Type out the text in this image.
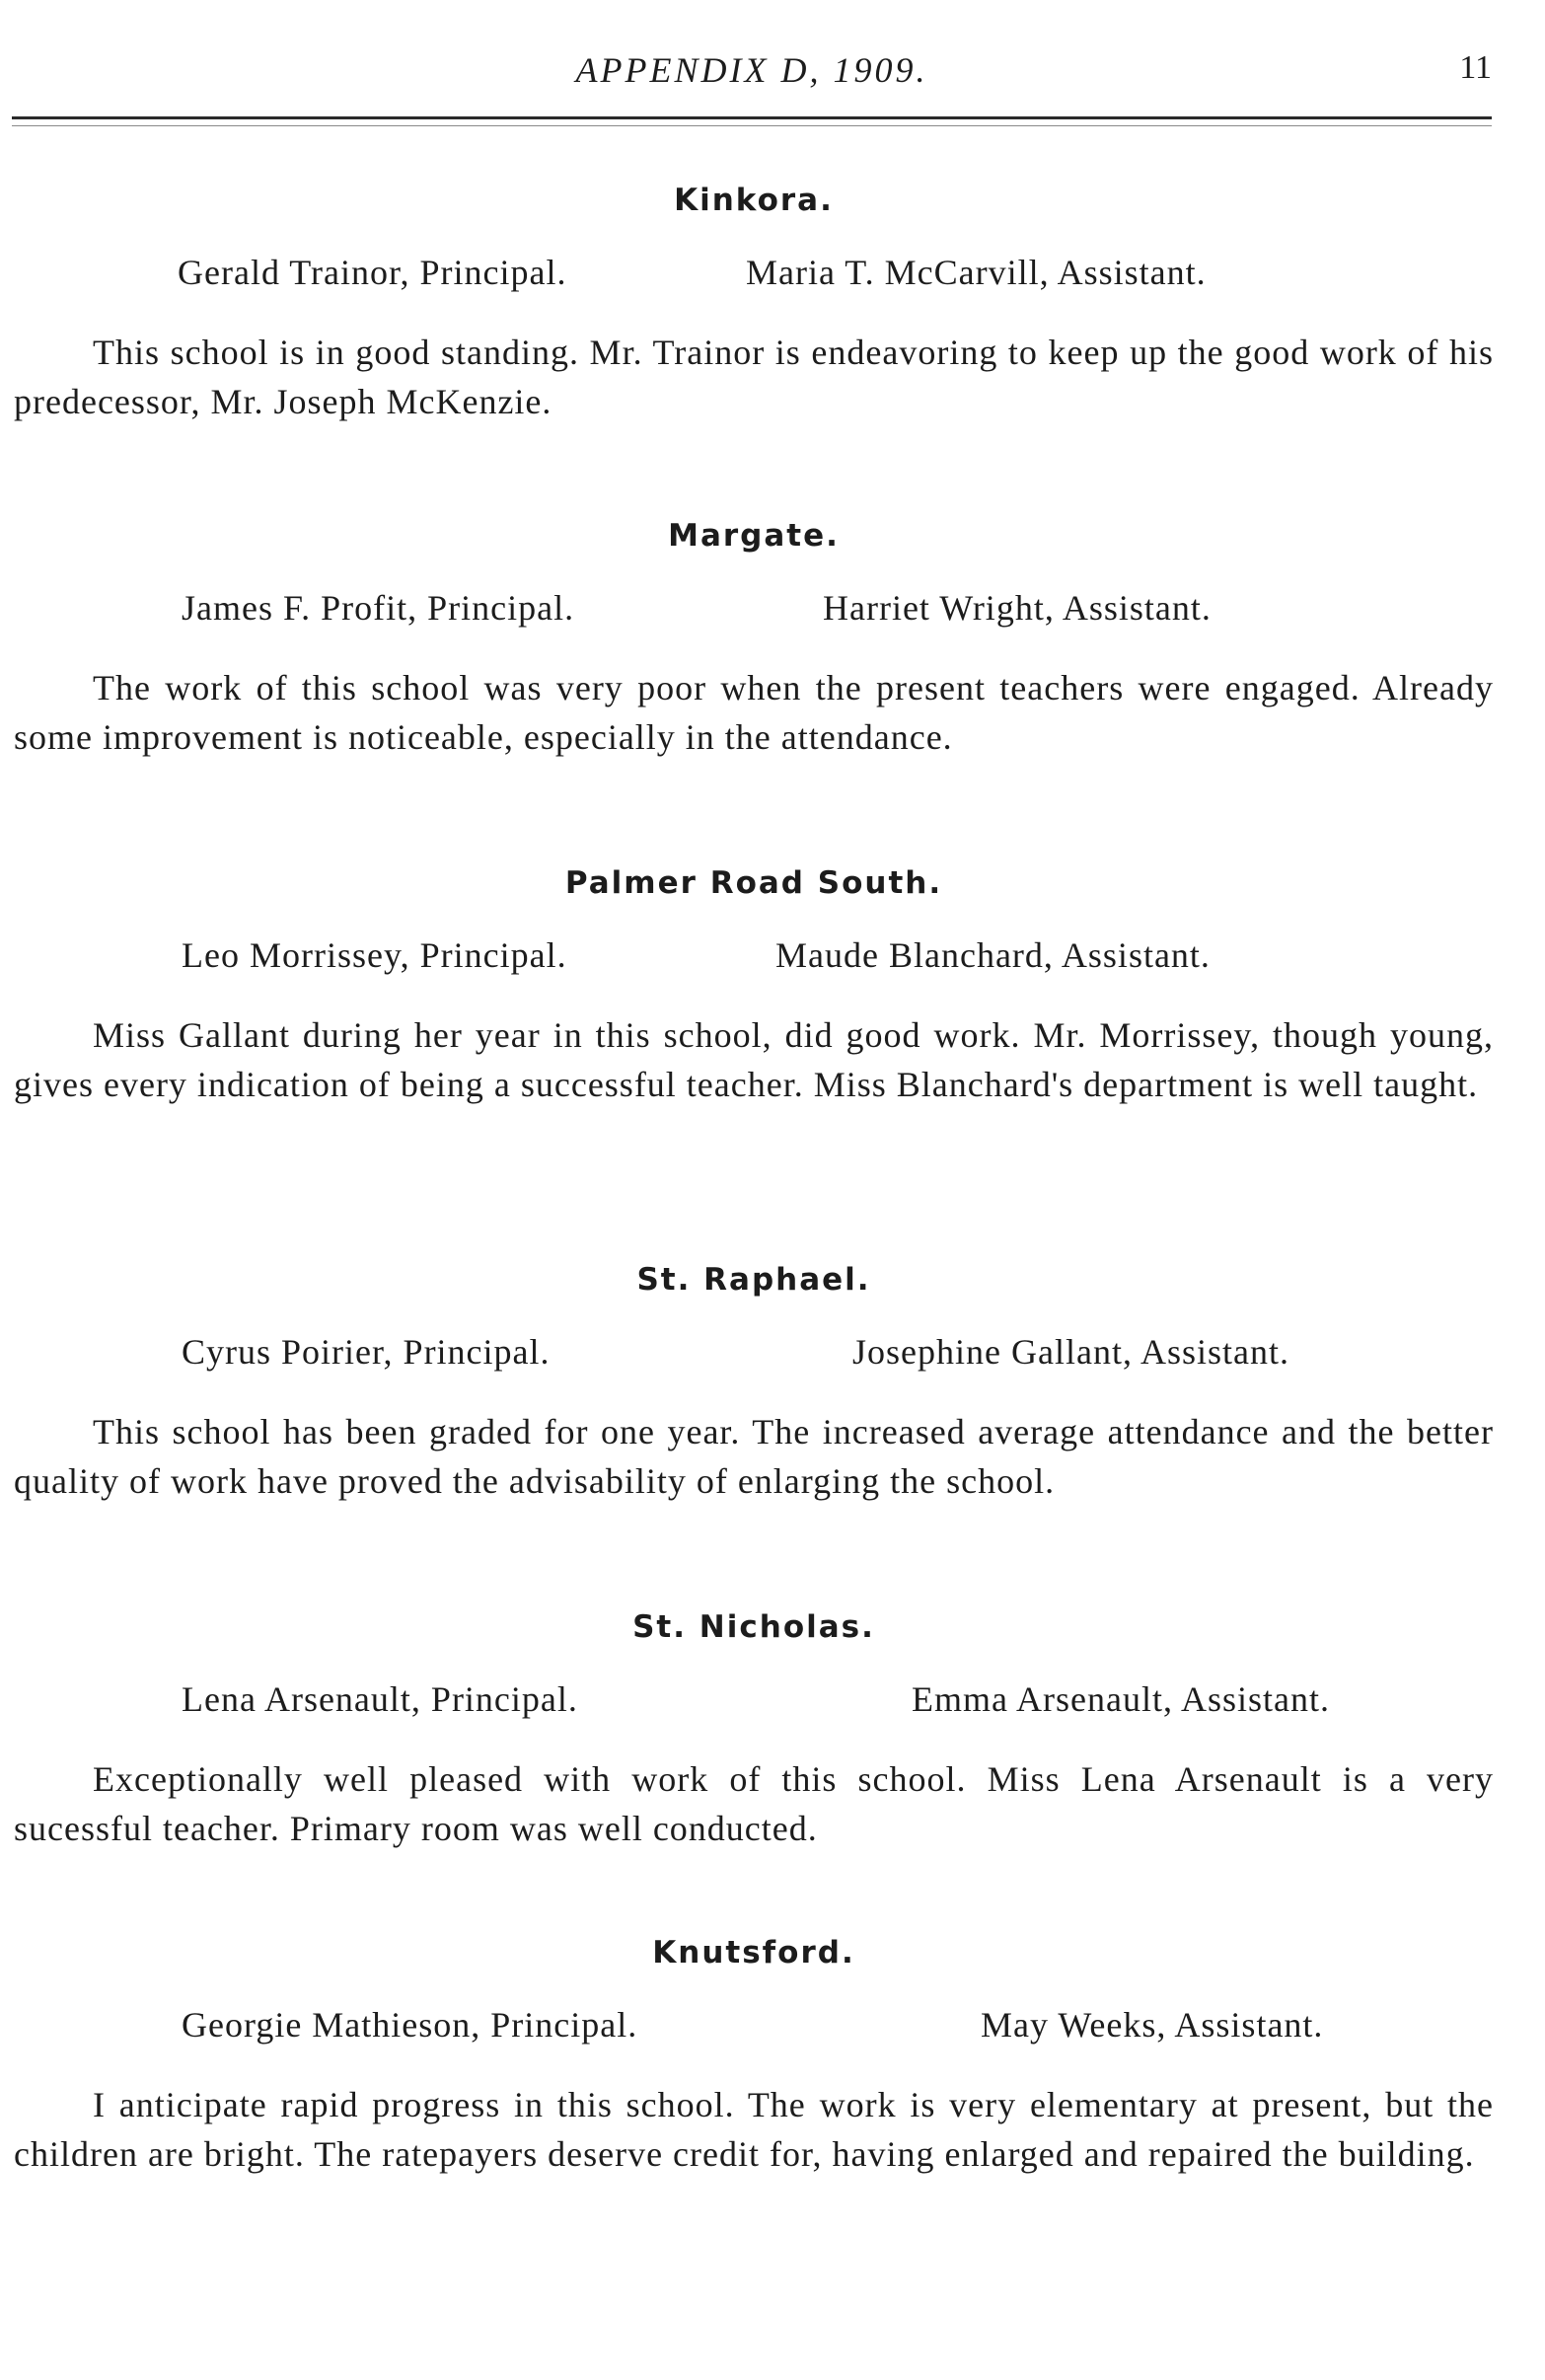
APPENDIX D, 1909.	11
Kinkora.
Gerald Trainor, Principal.	Maria T. McCarvill, Assistant.
This school is in good standing. Mr. Trainor is endeavoring to keep up the good work of his predecessor, Mr. Joseph McKenzie.
Margate.
James F. Profit, Principal.	Harriet Wright, Assistant.
The work of this school was very poor when the present teachers were engaged. Already some improvement is noticeable, especially in the attendance.
Palmer Road South.
Leo Morrissey, Principal.	Maude Blanchard, Assistant.
Miss Gallant during her year in this school, did good work. Mr. Morrissey, though young, gives every indication of being a successful teacher. Miss Blanchard's department is well taught.
St. Raphael.
Cyrus Poirier, Principal.	Josephine Gallant, Assistant.
This school has been graded for one year. The increased average attendance and the better quality of work have proved the advisability of enlarging the school.
St. Nicholas.
Lena Arsenault, Principal.	Emma Arsenault, Assistant.
Exceptionally well pleased with work of this school. Miss Lena Arsenault is a very sucessful teacher. Primary room was well conducted.
Knutsford.
Georgie Mathieson, Principal.	May Weeks, Assistant.
I anticipate rapid progress in this school. The work is very elementary at present, but the children are bright. The ratepayers deserve credit for, having enlarged and repaired the building.
